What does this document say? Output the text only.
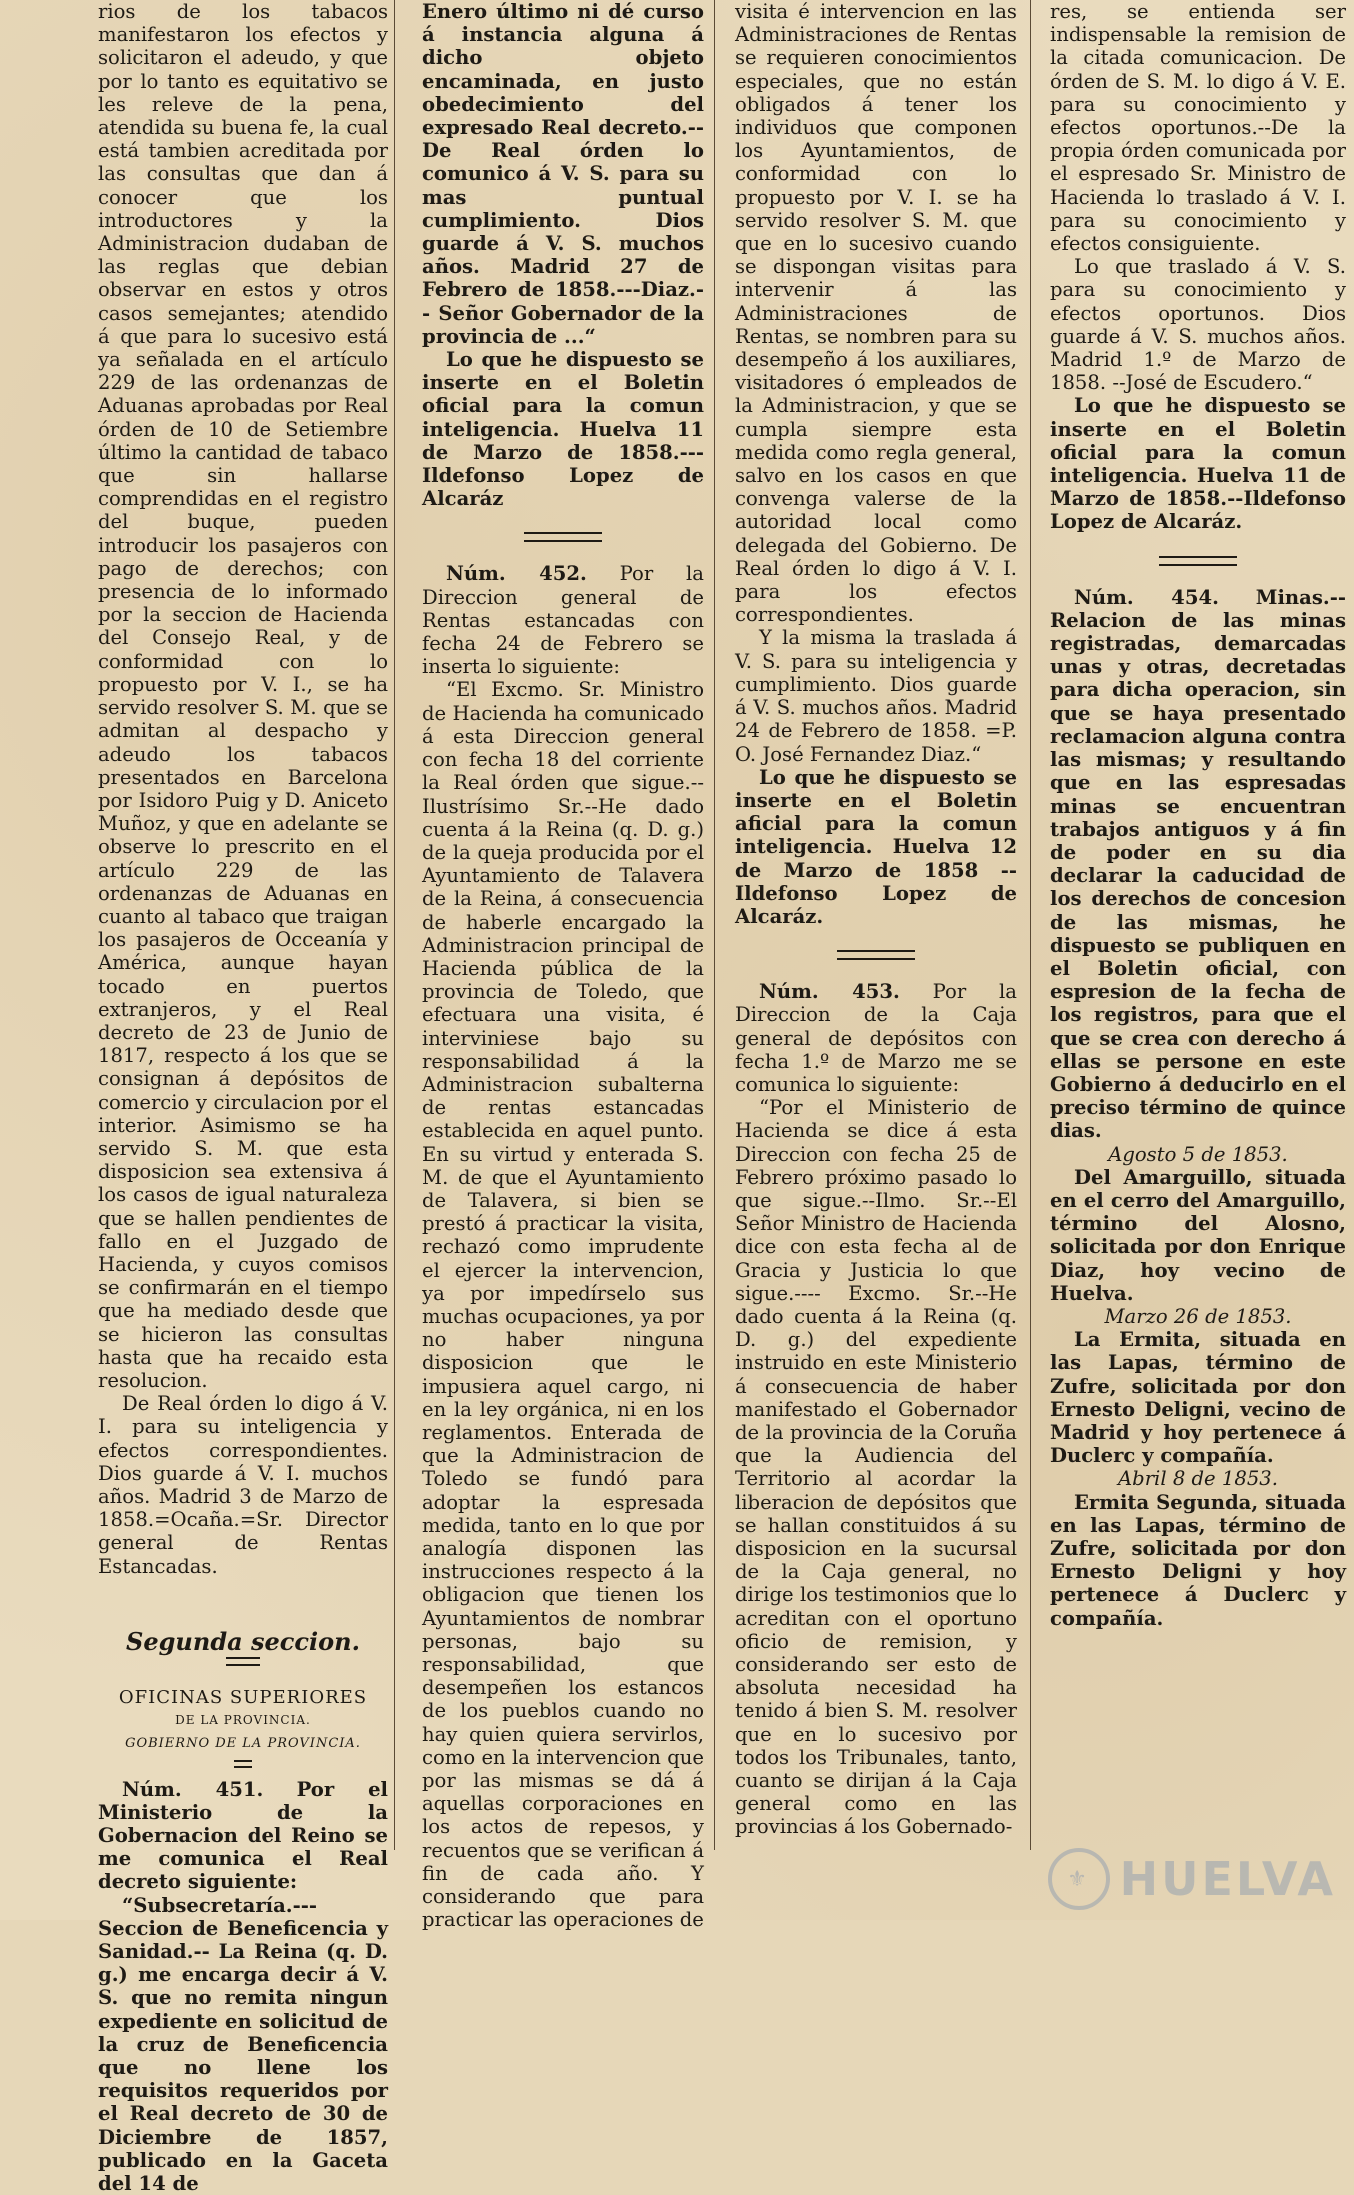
rios de los tabacos manifestaron los efectos y solicitaron el adeudo, y que por lo tanto es equitativo se les releve de la pena, atendida su buena fe, la cual está tambien acreditada por las consultas que dan á conocer que los introductores y la Administracion dudaban de las reglas que debian observar en estos y otros casos semejantes; atendido á que para lo sucesivo está ya señalada en el artículo 229 de las ordenanzas de Aduanas aprobadas por Real órden de 10 de Setiembre último la cantidad de tabaco que sin hallarse comprendidas en el registro del buque, pueden introducir los pasajeros con pago de derechos; con presencia de lo informado por la seccion de Hacienda del Consejo Real, y de conformidad con lo propuesto por V. I., se ha servido resolver S. M. que se admitan al despacho y adeudo los tabacos presentados en Barcelona por Isidoro Puig y D. Aniceto Muñoz, y que en adelante se observe lo prescrito en el artículo 229 de las ordenanzas de Aduanas en cuanto al tabaco que traigan los pasajeros de Occeanía y América, aunque hayan tocado en puertos extranjeros, y el Real decreto de 23 de Junio de 1817, respecto á los que se consignan á depósitos de comercio y circulacion por el interior. Asimismo se ha servido S. M. que esta disposicion sea extensiva á los casos de igual naturaleza que se hallen pendientes de fallo en el Juzgado de Hacienda, y cuyos comisos se confirmarán en el tiempo que ha mediado desde que se hicieron las consultas hasta que ha recaido esta resolucion.

De Real órden lo digo á V. I. para su inteligencia y efectos correspondientes. Dios guarde á V. I. muchos años. Madrid 3 de Marzo de 1858.=Ocaña.=Sr. Director general de Rentas Estancadas.

Segunda seccion.

OFICINAS SUPERIORES

DE LA PROVINCIA.

GOBIERNO DE LA PROVINCIA.

Núm. 451. Por el Ministerio de la Gobernacion del Reino se me comunica el Real decreto siguiente:

“Subsecretaría.---Seccion de Beneficencia y Sanidad.-- La Reina (q. D. g.) me encarga decir á V. S. que no remita ningun expediente en solicitud de la cruz de Beneficencia que no llene los requisitos requeridos por el Real decreto de 30 de Diciembre de 1857, publicado en la Gaceta del 14 de

Enero último ni dé curso á instancia alguna á dicho objeto encaminada, en justo obedecimiento del expresado Real decreto.--De Real órden lo comunico á V. S. para su mas puntual cumplimiento. Dios guarde á V. S. muchos años. Madrid 27 de Febrero de 1858.---Diaz.-- Señor Gobernador de la provincia de ...“

Lo que he dispuesto se inserte en el Boletin oficial para la comun inteligencia. Huelva 11 de Marzo de 1858.---Ildefonso Lopez de Alcaráz

Núm. 452. Por la Direccion general de Rentas estancadas con fecha 24 de Febrero se inserta lo siguiente:

“El Excmo. Sr. Ministro de Hacienda ha comunicado á esta Direccion general con fecha 18 del corriente la Real órden que sigue.--Ilustrísimo Sr.--He dado cuenta á la Reina (q. D. g.) de la queja producida por el Ayuntamiento de Talavera de la Reina, á consecuencia de haberle encargado la Administracion principal de Hacienda pública de la provincia de Toledo, que efectuara una visita, é interviniese bajo su responsabilidad á la Administracion subalterna de rentas estancadas establecida en aquel punto. En su virtud y enterada S. M. de que el Ayuntamiento de Talavera, si bien se prestó á practicar la visita, rechazó como imprudente el ejercer la intervencion, ya por impedírselo sus muchas ocupaciones, ya por no haber ninguna disposicion que le impusiera aquel cargo, ni en la ley orgánica, ni en los reglamentos. Enterada de que la Administracion de Toledo se fundó para adoptar la espresada medida, tanto en lo que por analogía disponen las instrucciones respecto á la obligacion que tienen los Ayuntamientos de nombrar personas, bajo su responsabilidad, que desempeñen los estancos de los pueblos cuando no hay quien quiera servirlos, como en la intervencion que por las mismas se dá á aquellas corporaciones en los actos de repesos, y recuentos que se verifican á fin de cada año. Y considerando que para practicar las operaciones de

visita é intervencion en las Administraciones de Rentas se requieren conocimientos especiales, que no están obligados á tener los individuos que componen los Ayuntamientos, de conformidad con lo propuesto por V. I. se ha servido resolver S. M. que que en lo sucesivo cuando se dispongan visitas para intervenir á las Administraciones de Rentas, se nombren para su desempeño á los auxiliares, visitadores ó empleados de la Administracion, y que se cumpla siempre esta medida como regla general, salvo en los casos en que convenga valerse de la autoridad local como delegada del Gobierno. De Real órden lo digo á V. I. para los efectos correspondientes.

Y la misma la traslada á V. S. para su inteligencia y cumplimiento. Dios guarde á V. S. muchos años. Madrid 24 de Febrero de 1858. =P. O. José Fernandez Diaz.“

Lo que he dispuesto se inserte en el Boletin aficial para la comun inteligencia. Huelva 12 de Marzo de 1858 --Ildefonso Lopez de Alcaráz.

Núm. 453. Por la Direccion de la Caja general de depósitos con fecha 1.º de Marzo me se comunica lo siguiente:

“Por el Ministerio de Hacienda se dice á esta Direccion con fecha 25 de Febrero próximo pasado lo que sigue.--Ilmo. Sr.--El Señor Ministro de Hacienda dice con esta fecha al de Gracia y Justicia lo que sigue.---- Excmo. Sr.--He dado cuenta á la Reina (q. D. g.) del expediente instruido en este Ministerio á consecuencia de haber manifestado el Gobernador de la provincia de la Coruña que la Audiencia del Territorio al acordar la liberacion de depósitos que se hallan constituidos á su disposicion en la sucursal de la Caja general, no dirige los testimonios que lo acreditan con el oportuno oficio de remision, y considerando ser esto de absoluta necesidad ha tenido á bien S. M. resolver que en lo sucesivo por todos los Tribunales, tanto, cuanto se dirijan á la Caja general como en las provincias á los Gobernado-

res, se entienda ser indispensable la remision de la citada comunicacion. De órden de S. M. lo digo á V. E. para su conocimiento y efectos oportunos.--De la propia órden comunicada por el espresado Sr. Ministro de Hacienda lo traslado á V. I. para su conocimiento y efectos consiguiente.

Lo que traslado á V. S. para su conocimiento y efectos oportunos. Dios guarde á V. S. muchos años. Madrid 1.º de Marzo de 1858. --José de Escudero.“

Lo que he dispuesto se inserte en el Boletin oficial para la comun inteligencia. Huelva 11 de Marzo de 1858.--Ildefonso Lopez de Alcaráz.

Núm. 454. Minas.--Relacion de las minas registradas, demarcadas unas y otras, decretadas para dicha operacion, sin que se haya presentado reclamacion alguna contra las mismas; y resultando que en las espresadas minas se encuentran trabajos antiguos y á fin de poder en su dia declarar la caducidad de los derechos de concesion de las mismas, he dispuesto se publiquen en el Boletin oficial, con espresion de la fecha de los registros, para que el que se crea con derecho á ellas se persone en este Gobierno á deducirlo en el preciso término de quince dias.

Agosto 5 de 1853.

Del Amarguillo, situada en el cerro del Amarguillo, término del Alosno, solicitada por don Enrique Diaz, hoy vecino de Huelva.

Marzo 26 de 1853.

La Ermita, situada en las Lapas, término de Zufre, solicitada por don Ernesto Deligni, vecino de Madrid y hoy pertenece á Duclerc y compañía.

Abril 8 de 1853.

Ermita Segunda, situada en las Lapas, término de Zufre, solicitada por don Ernesto Deligni y hoy pertenece á Duclerc y compañía.

⚜ HUELVA
